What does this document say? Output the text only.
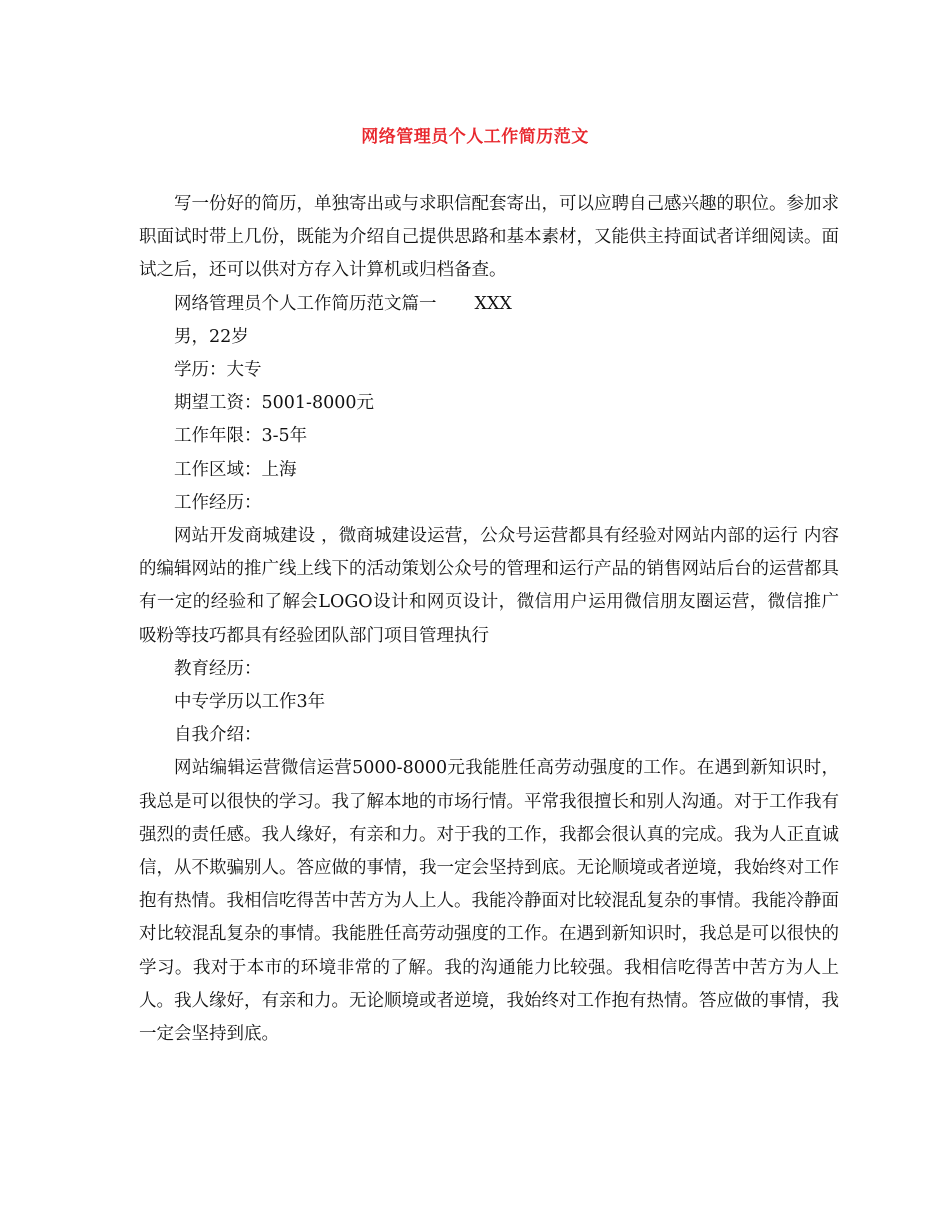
网络管理员个人工作简历范文

写一份好的简历，单独寄出或与求职信配套寄出，可以应聘自己感兴趣的职位。参加求职面试时带上几份，既能为介绍自己提供思路和基本素材，又能供主持面试者详细阅读。面试之后，还可以供对方存入计算机或归档备查。

网络管理员个人工作简历范文篇一 XXX

男，22岁

学历：大专

期望工资：5001-8000元

工作年限：3-5年

工作区域：上海

工作经历：

网站开发商城建设 ，微商城建设运营，公众号运营都具有经验对网站内部的运行 内容的编辑网站的推广线上线下的活动策划公众号的管理和运行产品的销售网站后台的运营都具有一定的经验和了解会LOGO设计和网页设计，微信用户运用微信朋友圈运营，微信推广吸粉等技巧都具有经验团队部门项目管理执行

教育经历：

中专学历以工作3年

自我介绍：

网站编辑运营微信运营5000-8000元我能胜任高劳动强度的工作。在遇到新知识时，我总是可以很快的学习。我了解本地的市场行情。平常我很擅长和别人沟通。对于工作我有强烈的责任感。我人缘好，有亲和力。对于我的工作，我都会很认真的完成。我为人正直诚信，从不欺骗别人。答应做的事情，我一定会坚持到底。无论顺境或者逆境，我始终对工作抱有热情。我相信吃得苦中苦方为人上人。我能冷静面对比较混乱复杂的事情。我能冷静面对比较混乱复杂的事情。我能胜任高劳动强度的工作。在遇到新知识时，我总是可以很快的学习。我对于本市的环境非常的了解。我的沟通能力比较强。我相信吃得苦中苦方为人上人。我人缘好，有亲和力。无论顺境或者逆境，我始终对工作抱有热情。答应做的事情，我一定会坚持到底。
